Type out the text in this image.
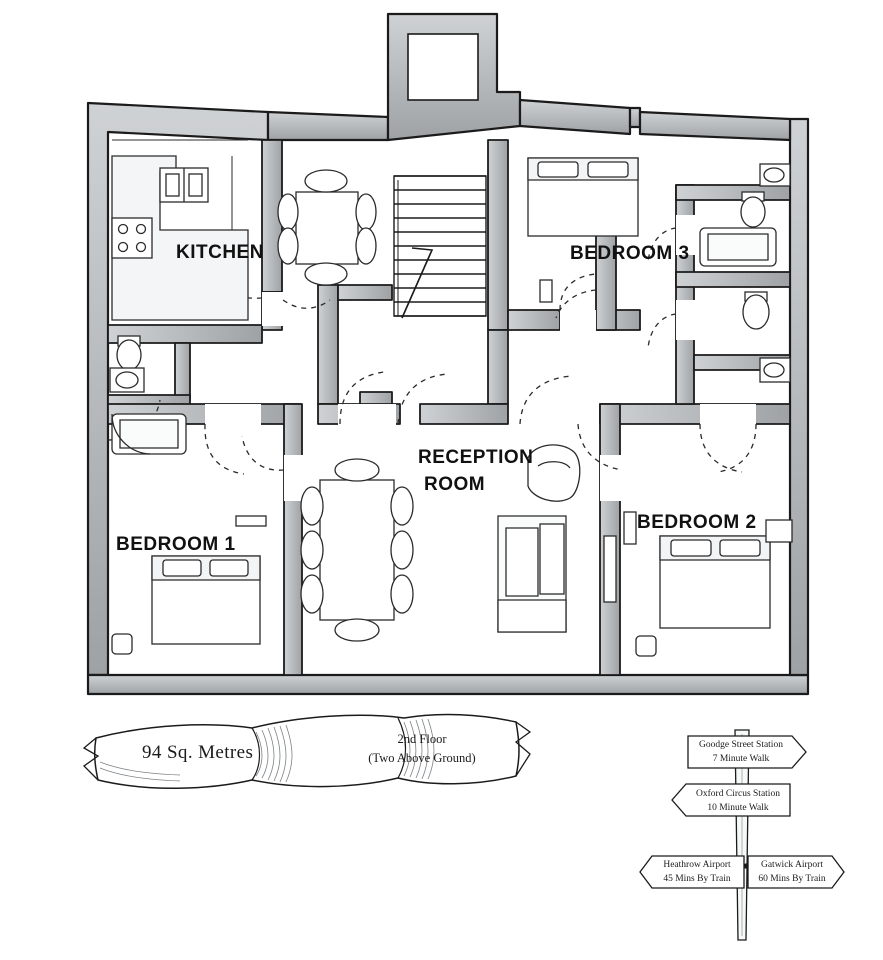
KITCHEN	BEDROOM 3
BEDROOM 1
BEDROOM 2
RECEPTION
ROOM
94 Sq. Metres
2nd Floor
(Two Above Ground)
Goodge Street Station
7 Minute Walk
Oxford Circus Station
10 Minute Walk
Heathrow Airport
45 Mins By Train
Gatwick Airport
60 Mins By Train
